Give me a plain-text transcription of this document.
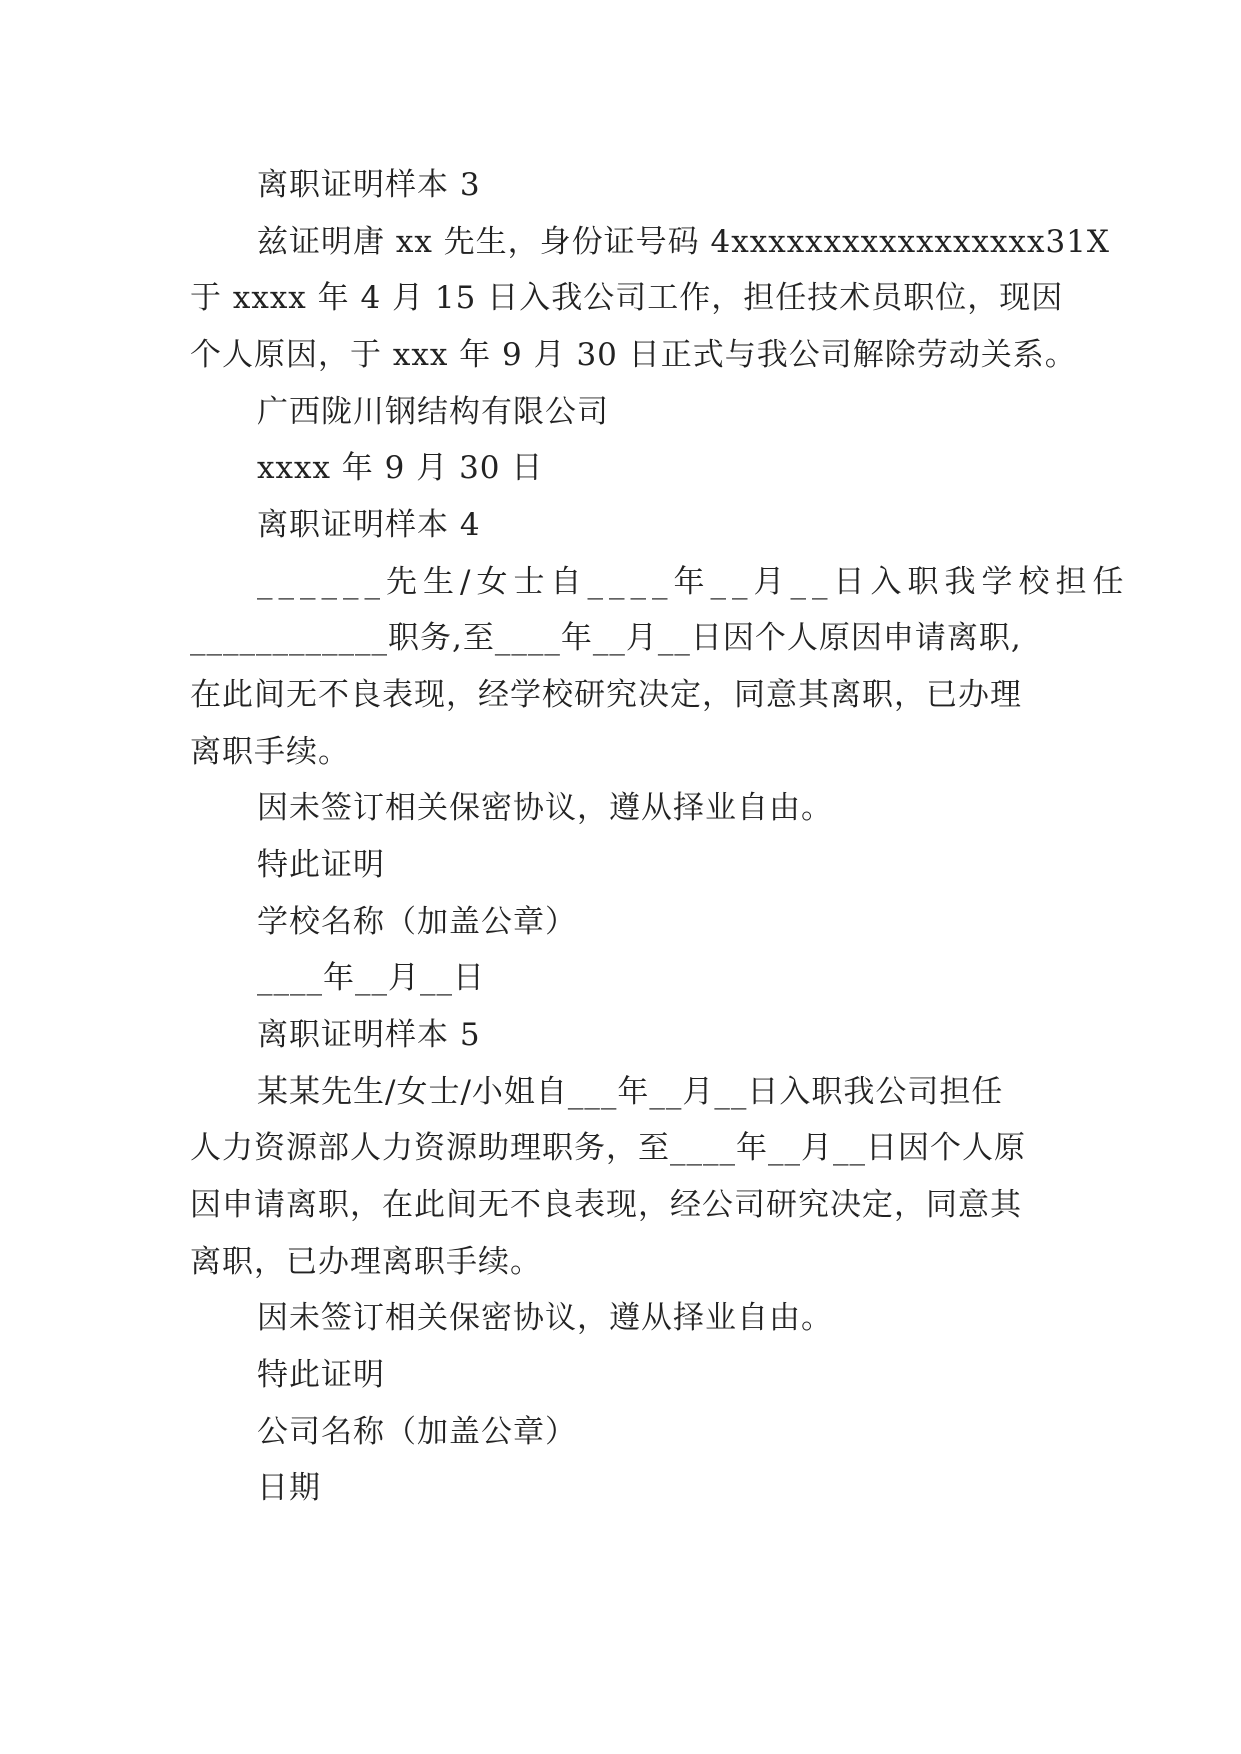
离职证明样本 3
兹证明唐 xx 先生，身份证号码 4xxxxxxxxxxxxxxxxx31X
于 xxxx 年 4 月 15 日入我公司工作，担任技术员职位，现因
个人原因，于 xxx 年 9 月 30 日正式与我公司解除劳动关系。
广西陇川钢结构有限公司
xxxx 年 9 月 30 日
离职证明样本 4
______先生/女士自____年__月__日入职我学校担任
____________职务,至____年__月__日因个人原因申请离职,
在此间无不良表现，经学校研究决定，同意其离职，已办理
离职手续。
因未签订相关保密协议，遵从择业自由。
特此证明
学校名称（加盖公章）
____年__月__日
离职证明样本 5
某某先生/女士/小姐自___年__月__日入职我公司担任
人力资源部人力资源助理职务，至____年__月__日因个人原
因申请离职，在此间无不良表现，经公司研究决定，同意其
离职，已办理离职手续。
因未签订相关保密协议，遵从择业自由。
特此证明
公司名称（加盖公章）
日期
